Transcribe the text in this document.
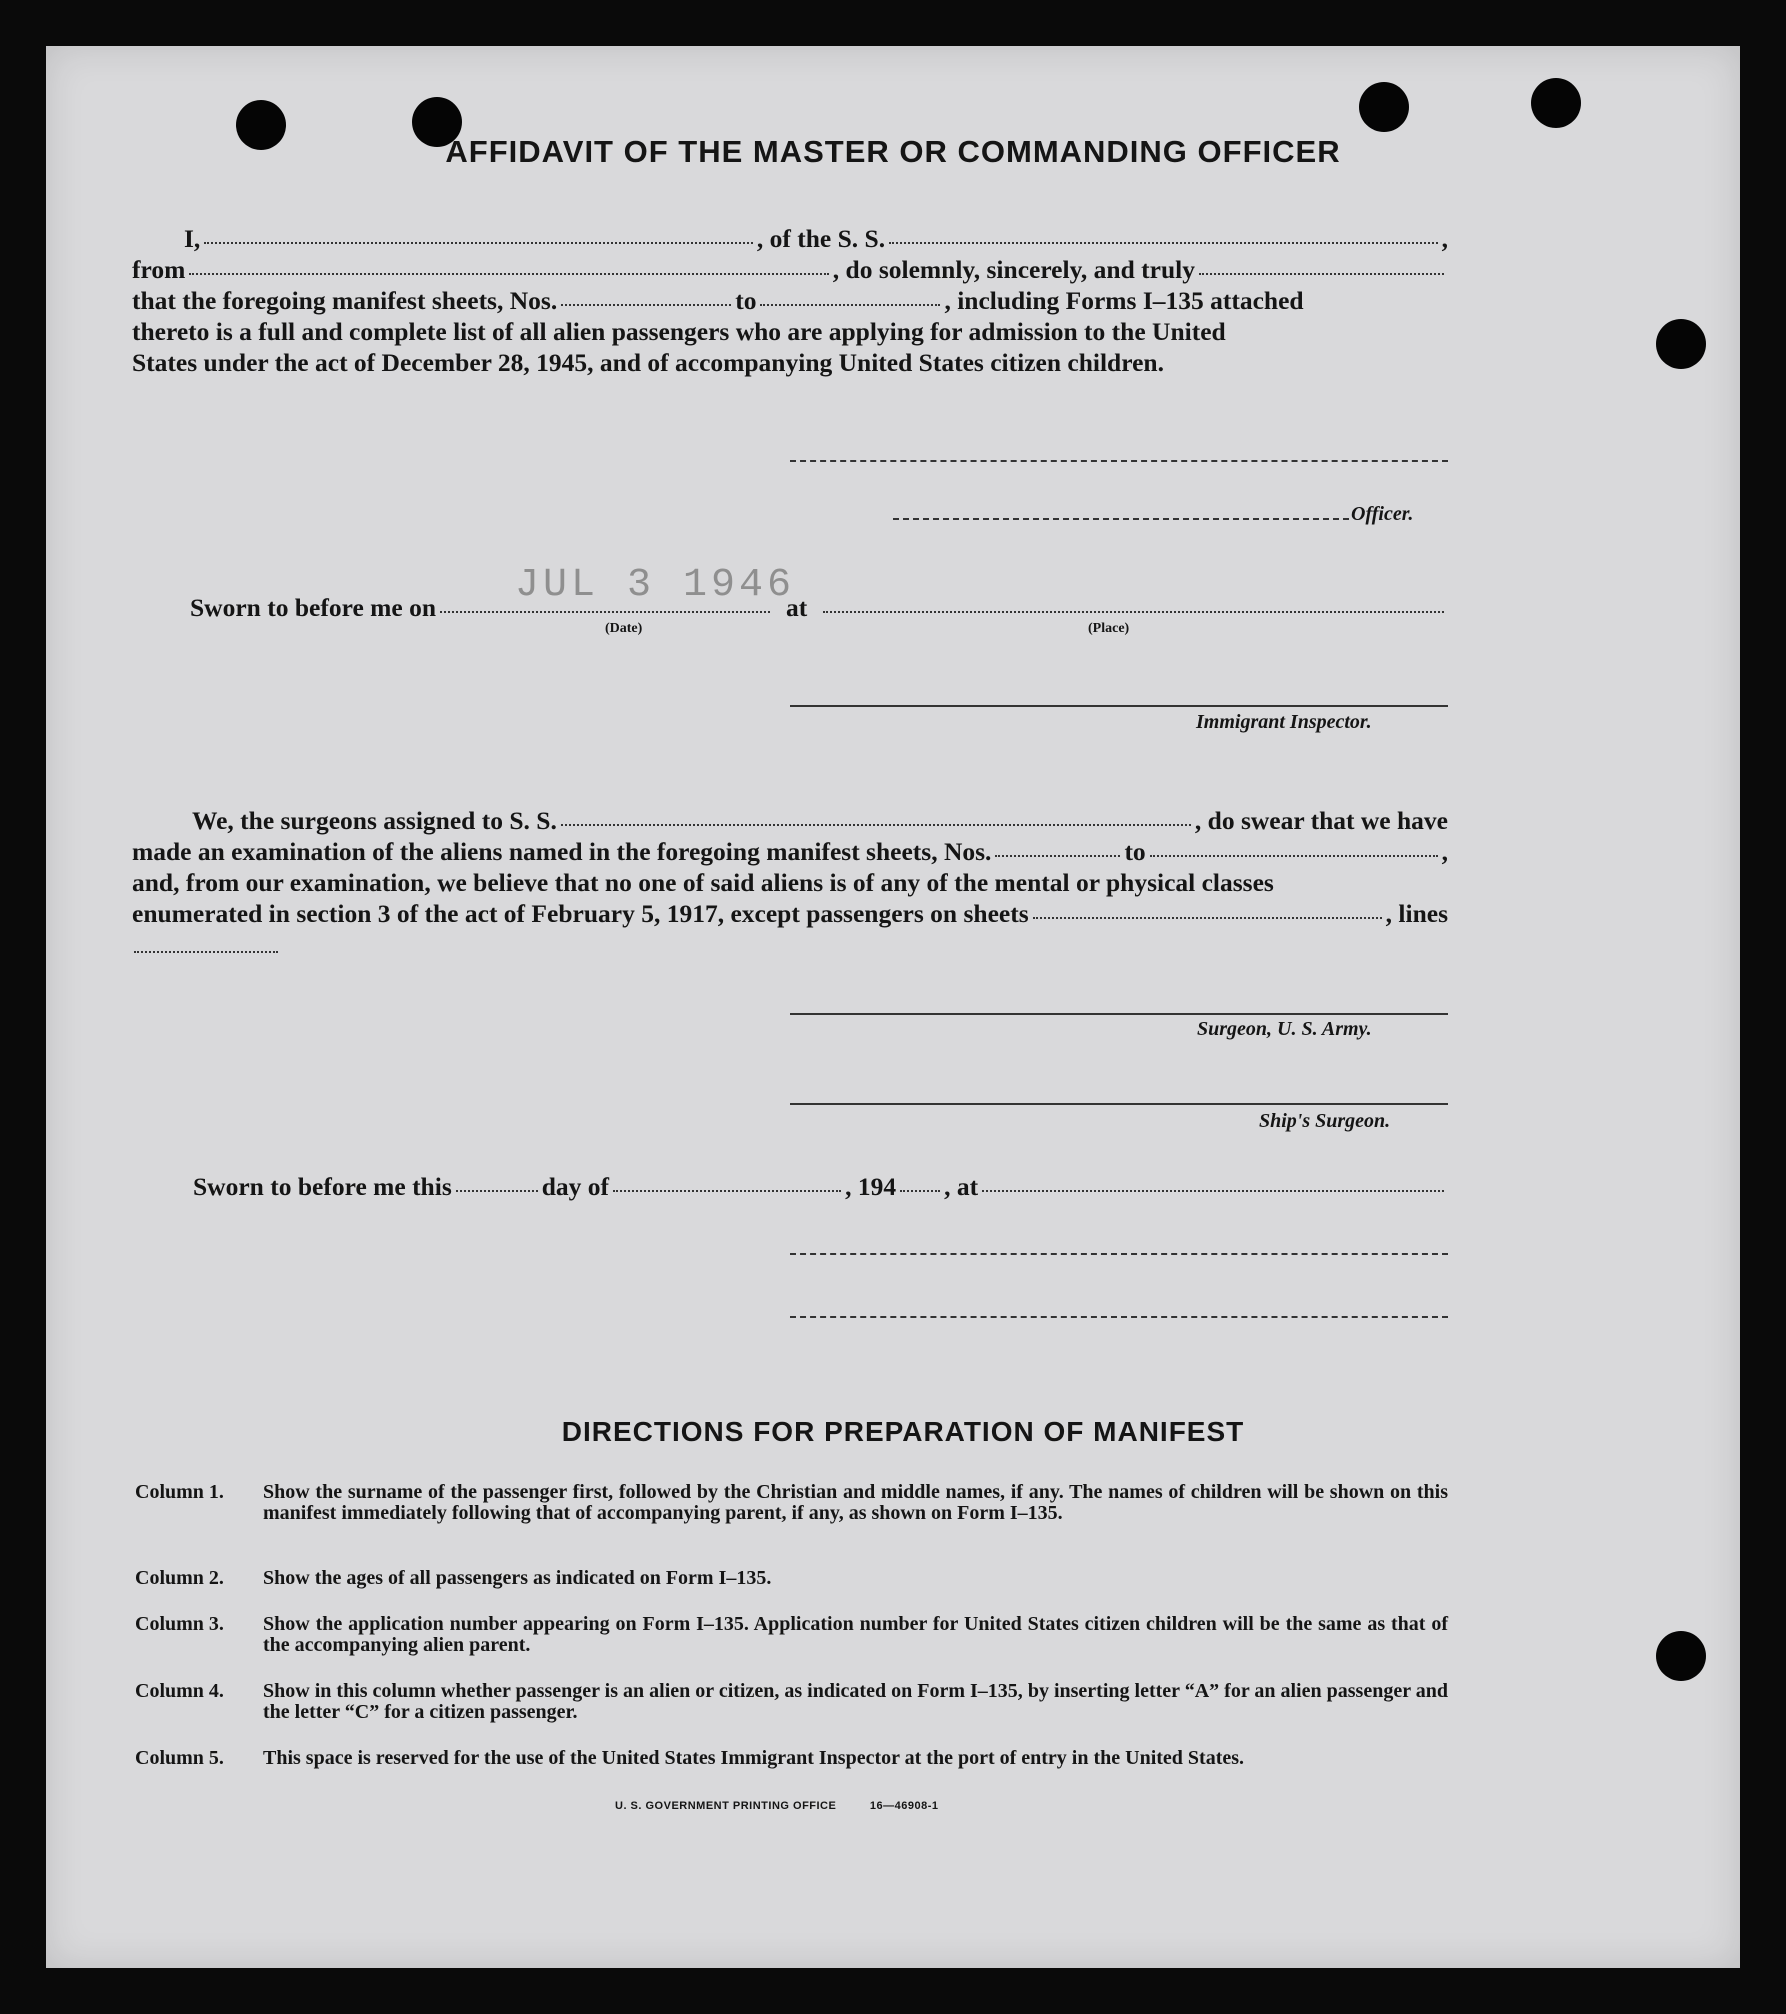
AFFIDAVIT OF THE MASTER OR COMMANDING OFFICER
I,	, of the S. S.	,
from	, do solemnly, sincerely, and truly
that the foregoing manifest sheets, Nos.	to	, including Forms I–135 attached
thereto is a full and complete list of all alien passengers who are applying for admission to the United
States under the act of December 28, 1945, and of accompanying United States citizen children.
Officer.
JUL 3 1946
Sworn to before me on	at
(Date)	(Place)
Immigrant Inspector.
We, the surgeons assigned to S. S.	, do swear that we have
made an examination of the aliens named in the foregoing manifest sheets, Nos.	to	,
and, from our examination, we believe that no one of said aliens is of any of the mental or physical classes
enumerated in section 3 of the act of February 5, 1917, except passengers on sheets	, lines
Surgeon, U. S. Army.
Ship's Surgeon.
Sworn to before me this	day of	, 194 , at
DIRECTIONS FOR PREPARATION OF MANIFEST
Column 1.	Show the surname of the passenger first, followed by the Christian and middle names, if any. The names of children will be shown on this manifest immediately following that of accompanying parent, if any, as shown on Form I–135.
Column 2.	Show the ages of all passengers as indicated on Form I–135.
Column 3.	Show the application number appearing on Form I–135. Application number for United States citizen children will be the same as that of the accompanying alien parent.
Column 4.	Show in this column whether passenger is an alien or citizen, as indicated on Form I–135, by inserting letter “A” for an alien passenger and the letter “C” for a citizen passenger.
Column 5.	This space is reserved for the use of the United States Immigrant Inspector at the port of entry in the United States.
U. S. GOVERNMENT PRINTING OFFICE	16—46908-1
